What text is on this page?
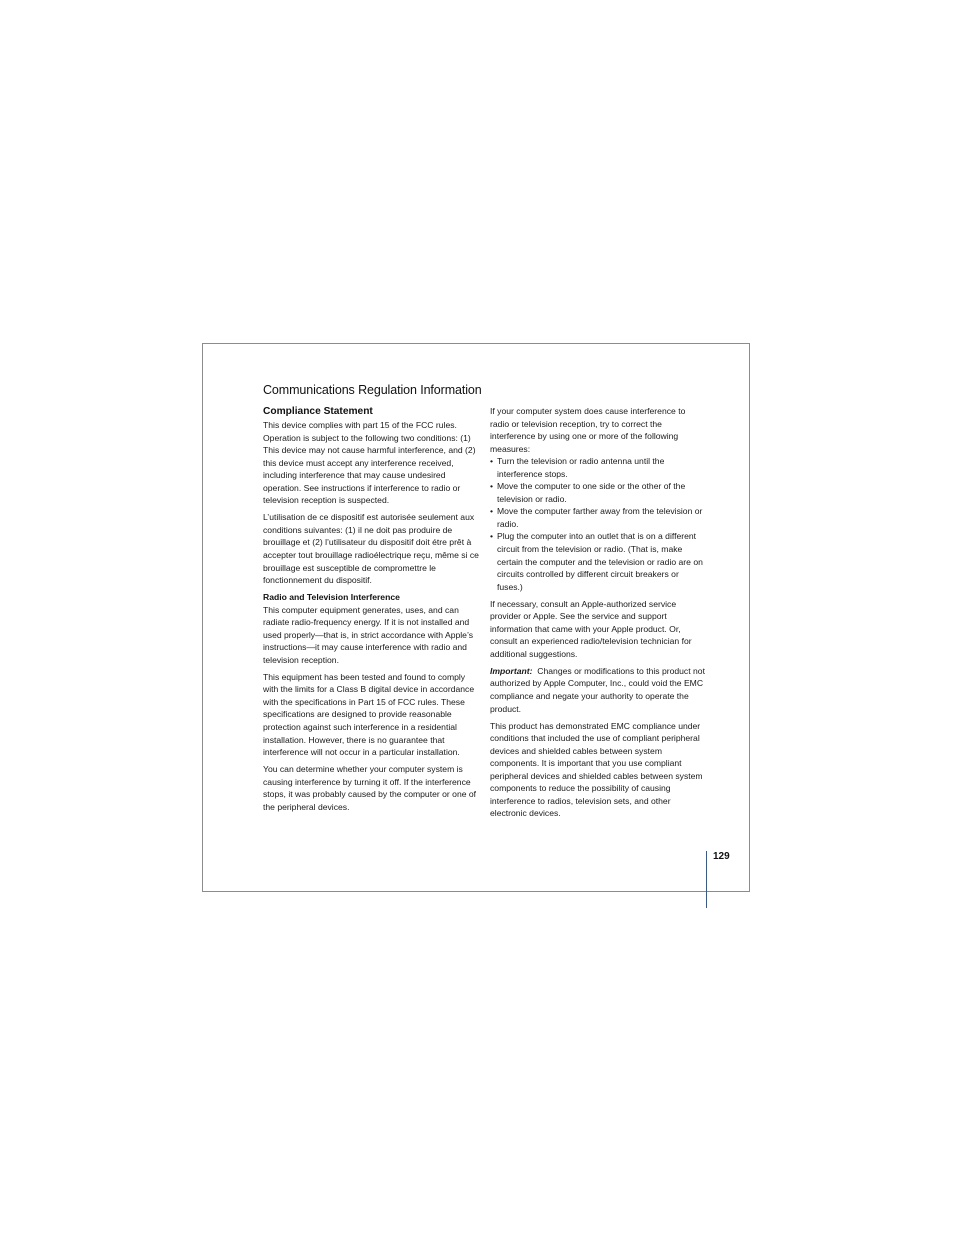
Communications Regulation Information
Compliance Statement

This device complies with part 15 of the FCC rules. Operation is subject to the following two conditions: (1) This device may not cause harmful interference, and (2) this device must accept any interference received, including interference that may cause undesired operation. See instructions if interference to radio or television reception is suspected.

L’utilisation de ce dispositif est autorisée seulement aux conditions suivantes: (1) il ne doit pas produire de brouillage et (2) l’utilisateur du dispositif doit étre prêt à accepter tout brouillage radioélectrique reçu, même si ce brouillage est susceptible de compromettre le fonctionnement du dispositif.

Radio and Television Interference

This computer equipment generates, uses, and can radiate radio-frequency energy. If it is not installed and used properly—that is, in strict accordance with Apple’s instructions—it may cause interference with radio and television reception.

This equipment has been tested and found to comply with the limits for a Class B digital device in accordance with the specifications in Part 15 of FCC rules. These specifications are designed to provide reasonable protection against such interference in a residential installation. However, there is no guarantee that interference will not occur in a particular installation.

You can determine whether your computer system is causing interference by turning it off. If the interference stops, it was probably caused by the computer or one of the peripheral devices.

If your computer system does cause interference to radio or television reception, try to correct the interference by using one or more of the following measures:

• Turn the television or radio antenna until the interference stops.
• Move the computer to one side or the other of the television or radio.
• Move the computer farther away from the television or radio.
• Plug the computer into an outlet that is on a different circuit from the television or radio. (That is, make certain the computer and the television or radio are on circuits controlled by different circuit breakers or fuses.)

If necessary, consult an Apple-authorized service provider or Apple. See the service and support information that came with your Apple product. Or, consult an experienced radio/television technician for additional suggestions.

Important: Changes or modifications to this product not authorized by Apple Computer, Inc., could void the EMC compliance and negate your authority to operate the product.

This product has demonstrated EMC compliance under conditions that included the use of compliant peripheral devices and shielded cables between system components. It is important that you use compliant peripheral devices and shielded cables between system components to reduce the possibility of causing interference to radios, television sets, and other electronic devices.

129
